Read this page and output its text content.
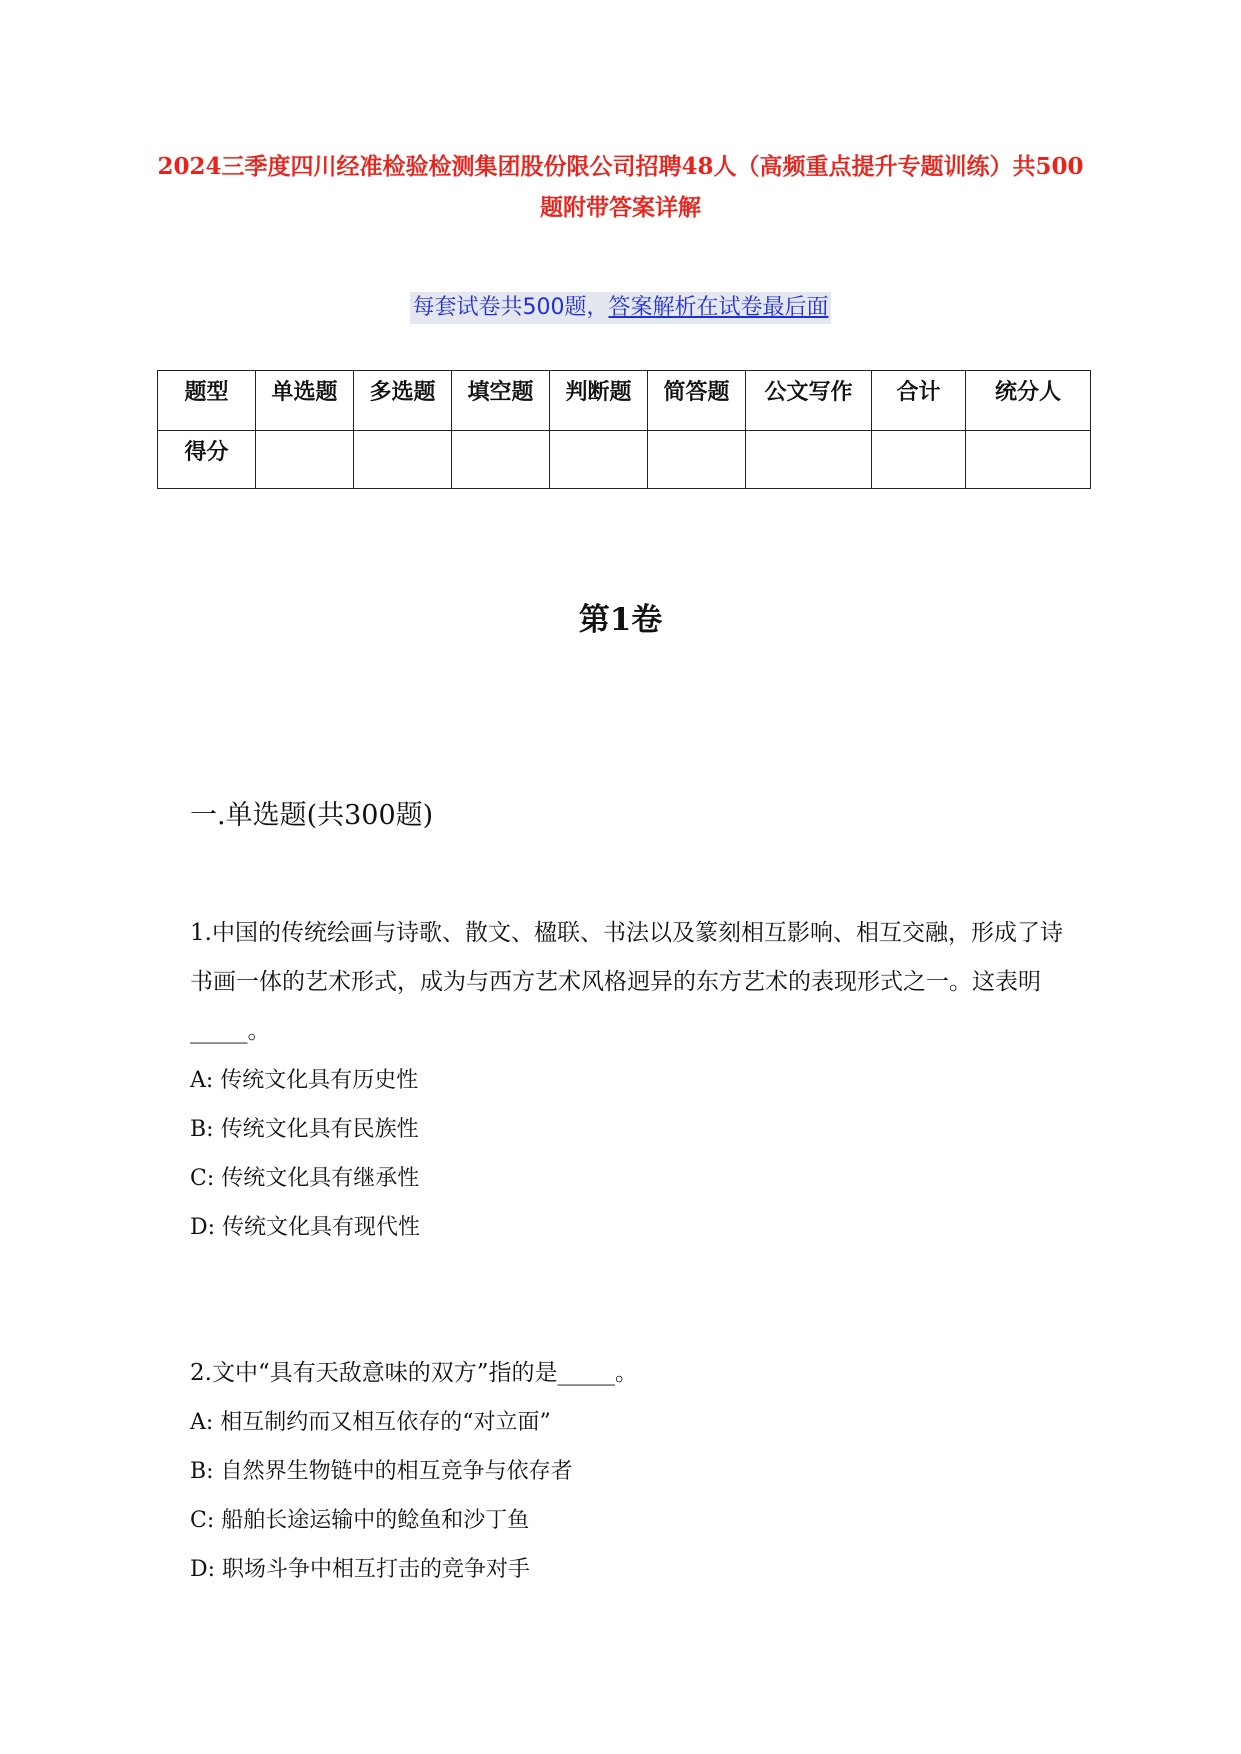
2024三季度四川经准检验检测集团股份限公司招聘48人（高频重点提升专题训练）共500题附带答案详解
每套试卷共500题，答案解析在试卷最后面
题型	单选题	多选题	填空题	判断题	简答题	公文写作	合计	统分人
得分								
第1卷
一.单选题(共300题)

1.中国的传统绘画与诗歌、散文、楹联、书法以及篆刻相互影响、相互交融，形成了诗书画一体的艺术形式，成为与西方艺术风格迥异的东方艺术的表现形式之一。这表明_____。

A: 传统文化具有历史性

B: 传统文化具有民族性

C: 传统文化具有继承性

D: 传统文化具有现代性

2.文中“具有天敌意味的双方”指的是_____。

A: 相互制约而又相互依存的“对立面”

B: 自然界生物链中的相互竞争与依存者

C: 船舶长途运输中的鲶鱼和沙丁鱼

D: 职场斗争中相互打击的竞争对手
